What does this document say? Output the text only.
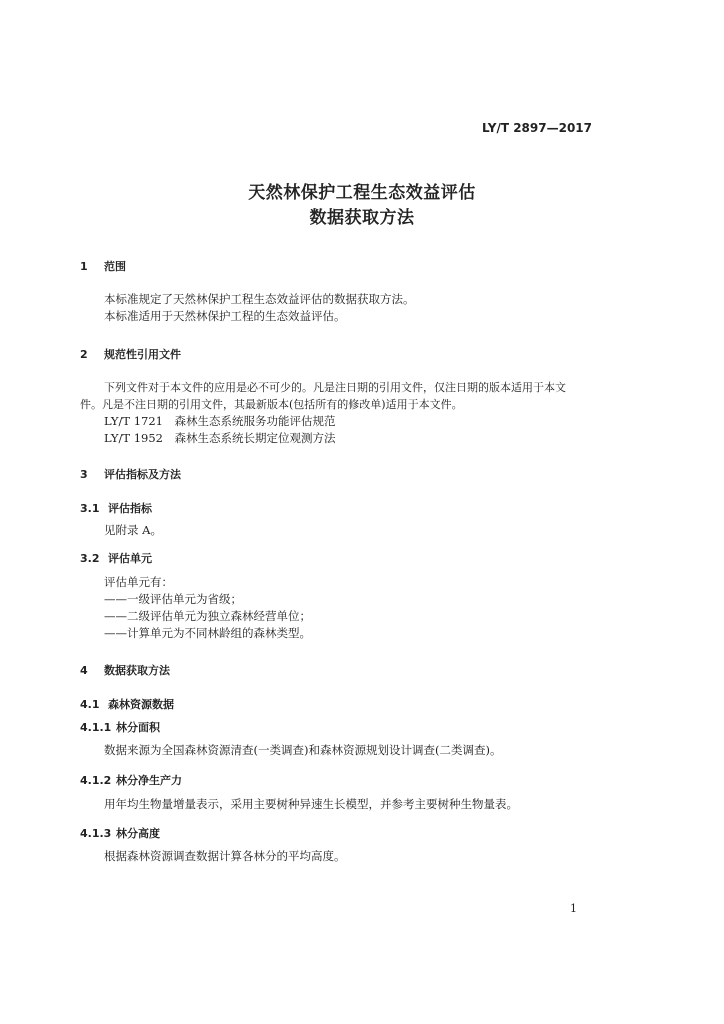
LY/T 2897—2017
天然林保护工程生态效益评估
数据获取方法
1 范围
本标准规定了天然林保护工程生态效益评估的数据获取方法。
本标准适用于天然林保护工程的生态效益评估。
2 规范性引用文件
下列文件对于本文件的应用是必不可少的。凡是注日期的引用文件，仅注日期的版本适用于本文
件。凡是不注日期的引用文件，其最新版本(包括所有的修改单)适用于本文件。
LY/T 1721　森林生态系统服务功能评估规范
LY/T 1952　森林生态系统长期定位观测方法
3 评估指标及方法
3.1 评估指标
见附录 A。
3.2 评估单元
评估单元有：
——一级评估单元为省级；
——二级评估单元为独立森林经营单位；
——计算单元为不同林龄组的森林类型。
4 数据获取方法
4.1 森林资源数据
4.1.1 林分面积
数据来源为全国森林资源清查(一类调查)和森林资源规划设计调查(二类调查)。
4.1.2 林分净生产力
用年均生物量增量表示，采用主要树种异速生长模型，并参考主要树种生物量表。
4.1.3 林分高度
根据森林资源调查数据计算各林分的平均高度。
1
